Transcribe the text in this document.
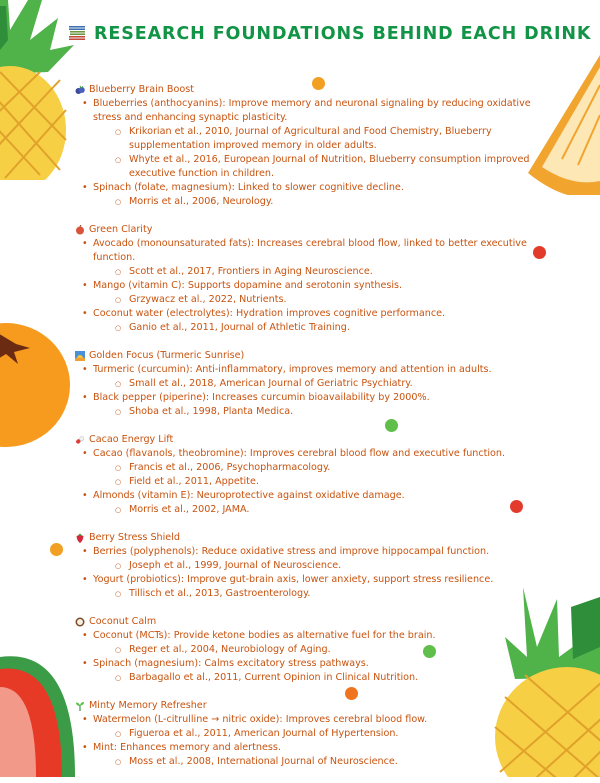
RESEARCH FOUNDATIONS BEHIND EACH DRINK
Blueberry Brain Boost
• Blueberries (anthocyanins): Improve memory and neuronal signaling by reducing oxidative stress and enhancing synaptic plasticity.
○ Krikorian et al., 2010, Journal of Agricultural and Food Chemistry, Blueberry supplementation improved memory in older adults.
○ Whyte et al., 2016, European Journal of Nutrition, Blueberry consumption improved executive function in children.
• Spinach (folate, magnesium): Linked to slower cognitive decline.
○ Morris et al., 2006, Neurology.
Green Clarity
• Avocado (monounsaturated fats): Increases cerebral blood flow, linked to better executive function.
○ Scott et al., 2017, Frontiers in Aging Neuroscience.
• Mango (vitamin C): Supports dopamine and serotonin synthesis.
○ Grzywacz et al., 2022, Nutrients.
• Coconut water (electrolytes): Hydration improves cognitive performance.
○ Ganio et al., 2011, Journal of Athletic Training.
Golden Focus (Turmeric Sunrise)
• Turmeric (curcumin): Anti-inflammatory, improves memory and attention in adults.
○ Small et al., 2018, American Journal of Geriatric Psychiatry.
• Black pepper (piperine): Increases curcumin bioavailability by 2000%.
○ Shoba et al., 1998, Planta Medica.
Cacao Energy Lift
• Cacao (flavanols, theobromine): Improves cerebral blood flow and executive function.
○ Francis et al., 2006, Psychopharmacology.
○ Field et al., 2011, Appetite.
• Almonds (vitamin E): Neuroprotective against oxidative damage.
○ Morris et al., 2002, JAMA.
Berry Stress Shield
• Berries (polyphenols): Reduce oxidative stress and improve hippocampal function.
○ Joseph et al., 1999, Journal of Neuroscience.
• Yogurt (probiotics): Improve gut-brain axis, lower anxiety, support stress resilience.
○ Tillisch et al., 2013, Gastroenterology.
Coconut Calm
• Coconut (MCTs): Provide ketone bodies as alternative fuel for the brain.
○ Reger et al., 2004, Neurobiology of Aging.
• Spinach (magnesium): Calms excitatory stress pathways.
○ Barbagallo et al., 2011, Current Opinion in Clinical Nutrition.
Minty Memory Refresher
• Watermelon (L-citrulline → nitric oxide): Improves cerebral blood flow.
○ Figueroa et al., 2011, American Journal of Hypertension.
• Mint: Enhances memory and alertness.
○ Moss et al., 2008, International Journal of Neuroscience.
